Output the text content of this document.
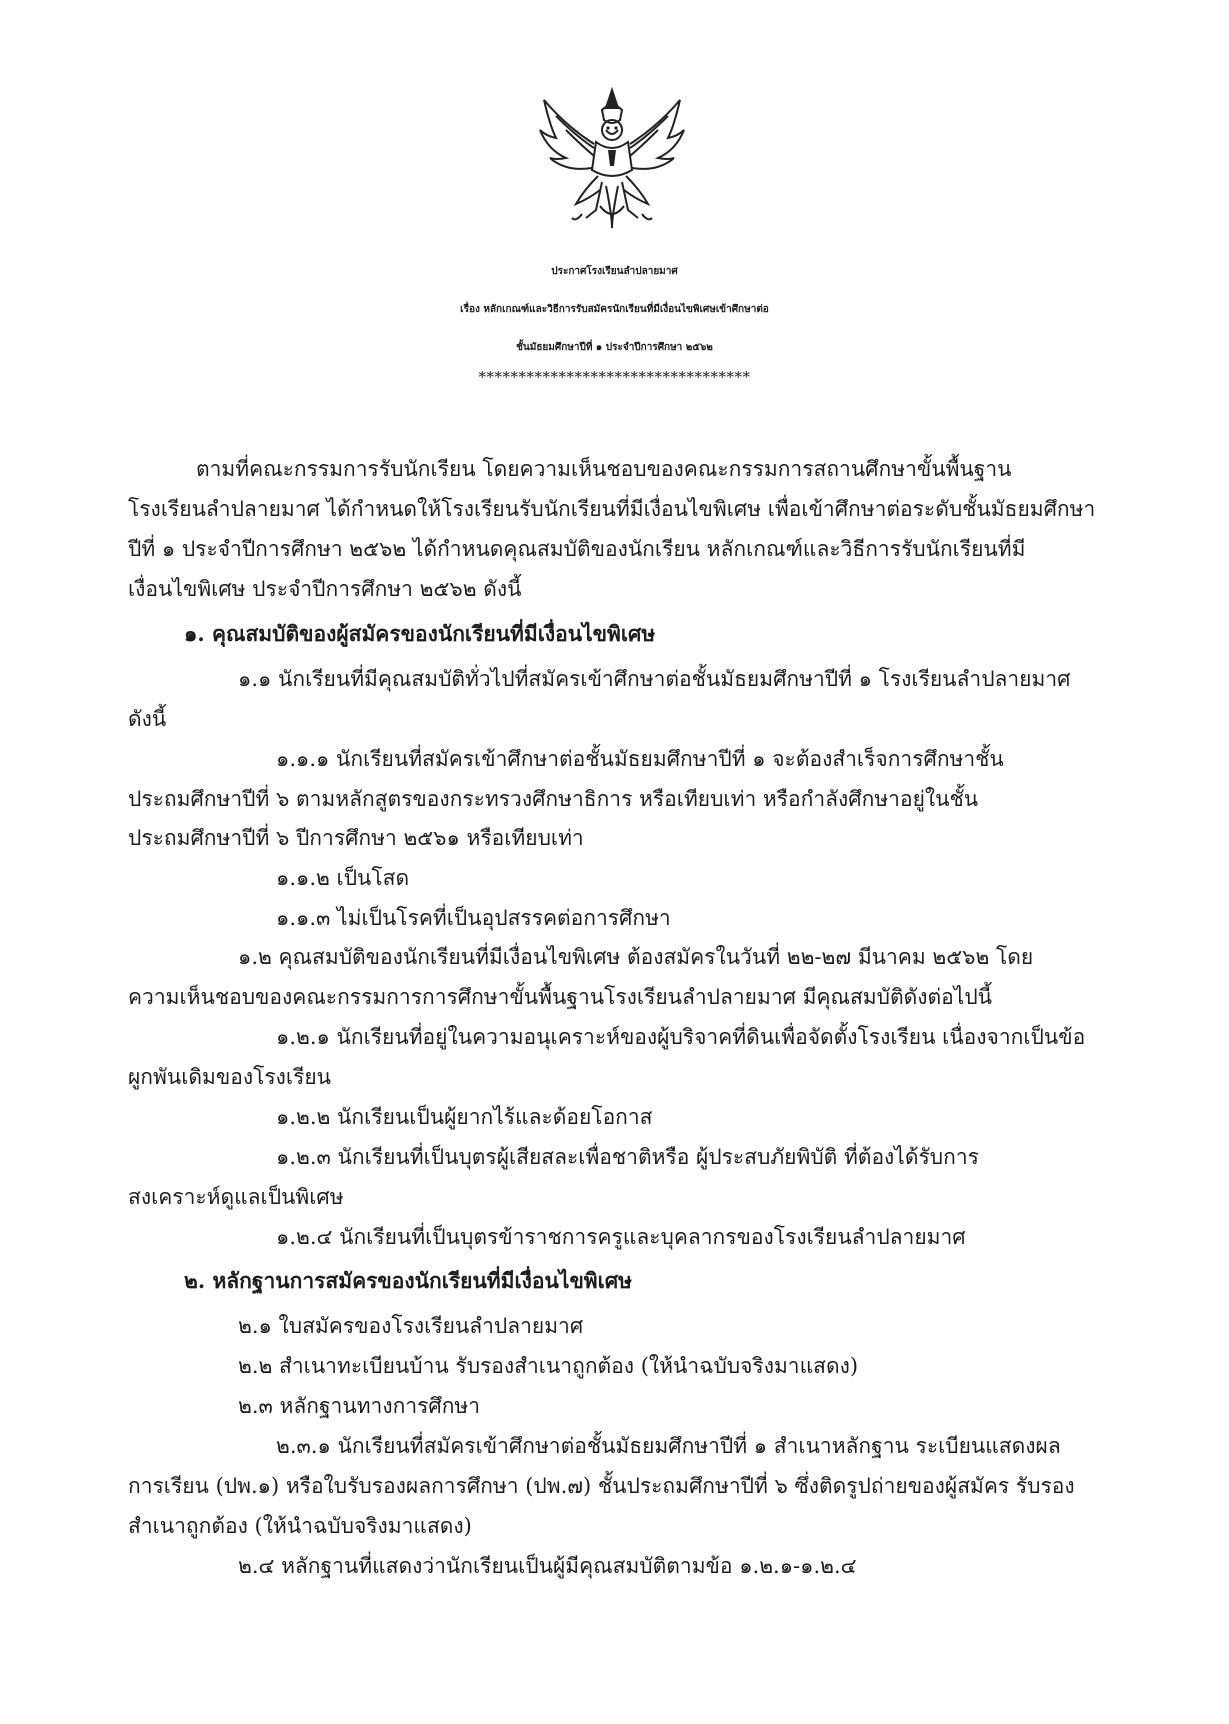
ประกาศโรงเรียนลำปลายมาศ
เรื่อง หลักเกณฑ์และวิธีการรับสมัครนักเรียนที่มีเงื่อนไขพิเศษเข้าศึกษาต่อ
ชั้นมัธยมศึกษาปีที่ ๑ ประจำปีการศึกษา ๒๕๖๒
**********************************
ตามที่คณะกรรมการรับนักเรียน โดยความเห็นชอบของคณะกรรมการสถานศึกษาขั้นพื้นฐาน
โรงเรียนลำปลายมาศ ได้กำหนดให้โรงเรียนรับนักเรียนที่มีเงื่อนไขพิเศษ เพื่อเข้าศึกษาต่อระดับชั้นมัธยมศึกษา
ปีที่ ๑ ประจำปีการศึกษา ๒๕๖๒ ได้กำหนดคุณสมบัติของนักเรียน หลักเกณฑ์และวิธีการรับนักเรียนที่มี
เงื่อนไขพิเศษ ประจำปีการศึกษา ๒๕๖๒ ดังนี้
๑. คุณสมบัติของผู้สมัครของนักเรียนที่มีเงื่อนไขพิเศษ
๑.๑ นักเรียนที่มีคุณสมบัติทั่วไปที่สมัครเข้าศึกษาต่อชั้นมัธยมศึกษาปีที่ ๑ โรงเรียนลำปลายมาศ
ดังนี้
๑.๑.๑ นักเรียนที่สมัครเข้าศึกษาต่อชั้นมัธยมศึกษาปีที่ ๑ จะต้องสำเร็จการศึกษาชั้น
ประถมศึกษาปีที่ ๖ ตามหลักสูตรของกระทรวงศึกษาธิการ หรือเทียบเท่า หรือกำลังศึกษาอยู่ในชั้น
ประถมศึกษาปีที่ ๖ ปีการศึกษา ๒๕๖๑ หรือเทียบเท่า
๑.๑.๒ เป็นโสด
๑.๑.๓ ไม่เป็นโรคที่เป็นอุปสรรคต่อการศึกษา
๑.๒ คุณสมบัติของนักเรียนที่มีเงื่อนไขพิเศษ ต้องสมัครในวันที่ ๒๒-๒๗ มีนาคม ๒๕๖๒ โดย
ความเห็นชอบของคณะกรรมการการศึกษาขั้นพื้นฐานโรงเรียนลำปลายมาศ มีคุณสมบัติดังต่อไปนี้
๑.๒.๑ นักเรียนที่อยู่ในความอนุเคราะห์ของผู้บริจาคที่ดินเพื่อจัดตั้งโรงเรียน เนื่องจากเป็นข้อ
ผูกพันเดิมของโรงเรียน
๑.๒.๒ นักเรียนเป็นผู้ยากไร้และด้อยโอกาส
๑.๒.๓ นักเรียนที่เป็นบุตรผู้เสียสละเพื่อชาติหรือ ผู้ประสบภัยพิบัติ ที่ต้องได้รับการ
สงเคราะห์ดูแลเป็นพิเศษ
๑.๒.๔ นักเรียนที่เป็นบุตรข้าราชการครูและบุคลากรของโรงเรียนลำปลายมาศ
๒. หลักฐานการสมัครของนักเรียนที่มีเงื่อนไขพิเศษ
๒.๑ ใบสมัครของโรงเรียนลำปลายมาศ
๒.๒ สำเนาทะเบียนบ้าน รับรองสำเนาถูกต้อง (ให้นำฉบับจริงมาแสดง)
๒.๓ หลักฐานทางการศึกษา
๒.๓.๑ นักเรียนที่สมัครเข้าศึกษาต่อชั้นมัธยมศึกษาปีที่ ๑ สำเนาหลักฐาน ระเบียนแสดงผล
การเรียน (ปพ.๑) หรือใบรับรองผลการศึกษา (ปพ.๗) ชั้นประถมศึกษาปีที่ ๖ ซึ่งติดรูปถ่ายของผู้สมัคร รับรอง
สำเนาถูกต้อง (ให้นำฉบับจริงมาแสดง)
๒.๔ หลักฐานที่แสดงว่านักเรียนเป็นผู้มีคุณสมบัติตามข้อ ๑.๒.๑-๑.๒.๔
